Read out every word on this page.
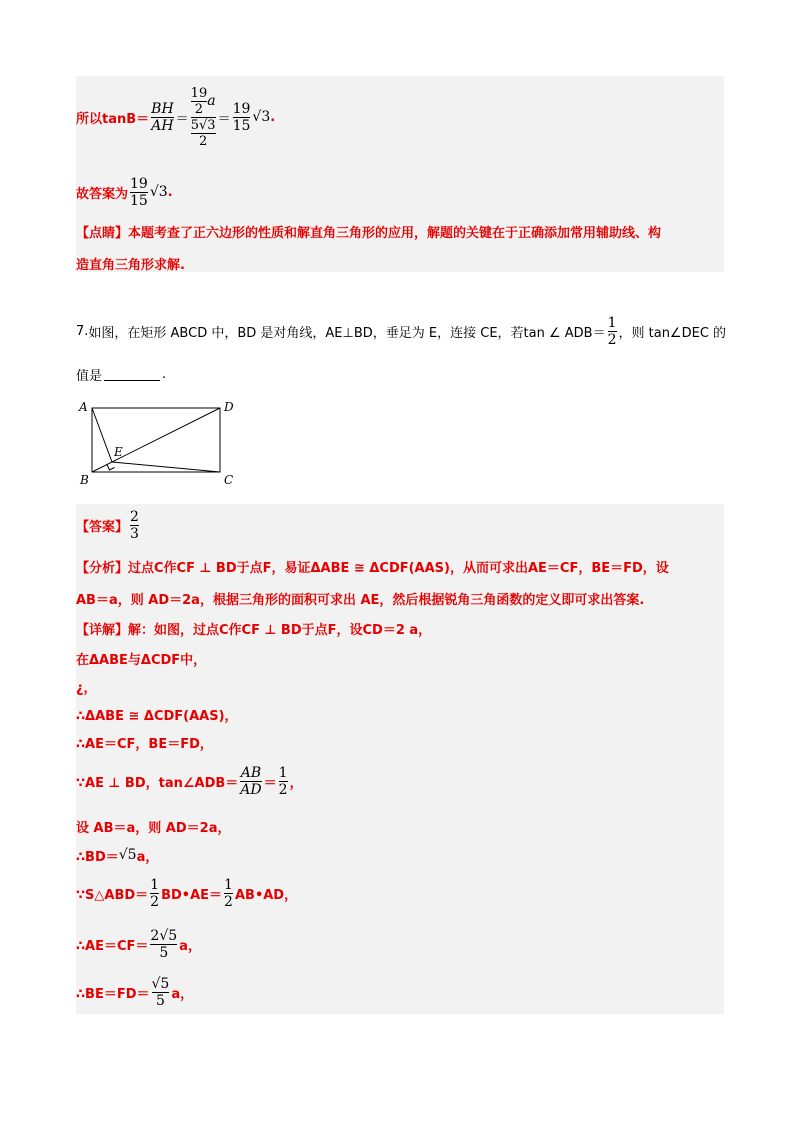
所以$\tan B= \frac{BH}{AH} = \frac{\frac{19}{2} a}{\frac{5√3}{2}} = \frac{19}{15} √3$ .
故答案为 $\frac{19}{15} √3$ .
【点睛】 本题考查了正六边形的性质和解直角三角形的应用，解题的关键在于正确添加常用辅助线、构
造直角三角形求解.
7. 如图，在矩形 ABCD 中，BD 是对角线，AE⊥BD，垂足为 E，连接 CE，若tan ∠ $ADB= \frac{1}{2}$ ，则 tan∠DEC 的
值是	.
A	D
E
B	C
【答案】 $\frac{2}{3}$
【分析】 过点C作CF ⊥ BD于点F，易证ΔABE ≅ ΔCDF(AAS)，从而可求出AE＝CF，BE＝FD，设
AB＝a，则 AD＝2a，根据三角形的面积可求出 AE，然后根据锐角三角函数的定义即可求出答案.
【详解】 解：如图，过点C作CF ⊥ BD于点F，设CD＝2 a，
在ΔABE与ΔCDF中，
¿，
∴ΔABE ≅ ΔCDF(AAS)，
∴AE＝CF，BE＝FD，
∵AE ⊥ BD，tan∠ADB＝ $\frac{AB}{AD} = \frac{1}{2}$ ，
设 AB＝a，则 AD＝2a，
∴BD＝ √5 a，
∵S△ABD＝ $\frac{1}{2}$ BD•AE＝ $\frac{1}{2}$ AB•AD，
∴AE＝CF＝ $\frac{2√5}{5}$ a，
∴BE＝FD＝ $\frac{√5}{5}$ a，
